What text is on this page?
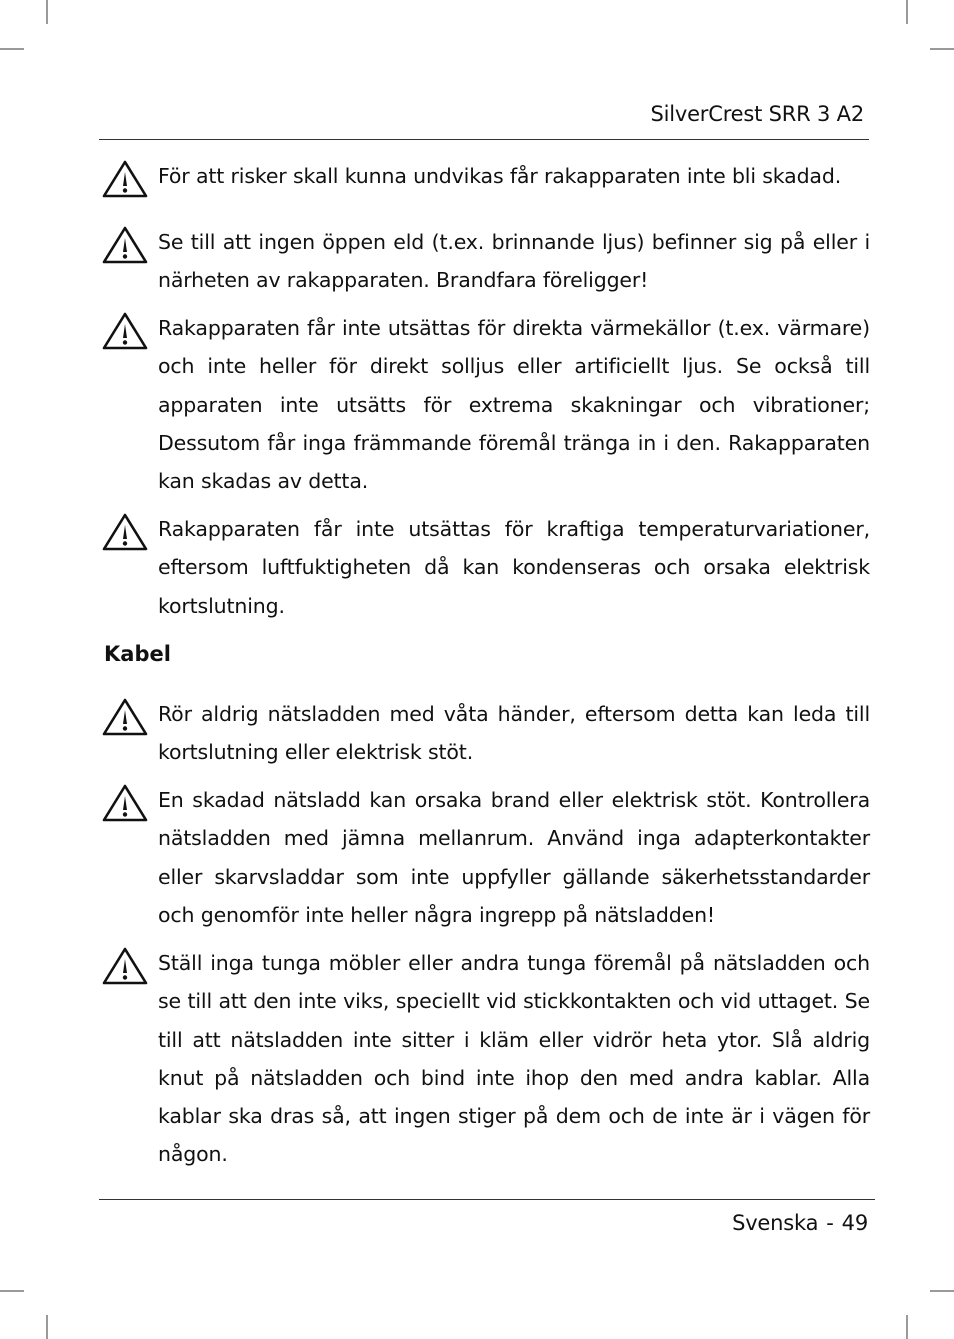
SilverCrest SRR 3 A2
För att risker skall kunna undvikas får rakapparaten inte bli skadad.
Se till att ingen öppen eld (t.ex. brinnande ljus) befinner sig på eller i närheten av rakapparaten. Brandfara föreligger!
Rakapparaten får inte utsättas för direkta värmekällor (t.ex. värmare) och inte heller för direkt solljus eller artificiellt ljus. Se också till apparaten inte utsätts för extrema skakningar och vibrationer; Dessutom får inga främmande föremål tränga in i den. Rakapparaten kan skadas av detta.
Rakapparaten får inte utsättas för kraftiga temperaturvariationer, eftersom luftfuktigheten då kan kondenseras och orsaka elektrisk kortslutning.
Kabel
Rör aldrig nätsladden med våta händer, eftersom detta kan leda till kortslutning eller elektrisk stöt.
En skadad nätsladd kan orsaka brand eller elektrisk stöt. Kontrollera nätsladden med jämna mellanrum. Använd inga adapterkontakter eller skarvsladdar som inte uppfyller gällande säkerhetsstandarder och genomför inte heller några ingrepp på nätsladden!
Ställ inga tunga möbler eller andra tunga föremål på nätsladden och se till att den inte viks, speciellt vid stickkontakten och vid uttaget. Se till att nätsladden inte sitter i kläm eller vidrör heta ytor. Slå aldrig knut på nätsladden och bind inte ihop den med andra kablar. Alla kablar ska dras så, att ingen stiger på dem och de inte är i vägen för någon.
Svenska - 49
